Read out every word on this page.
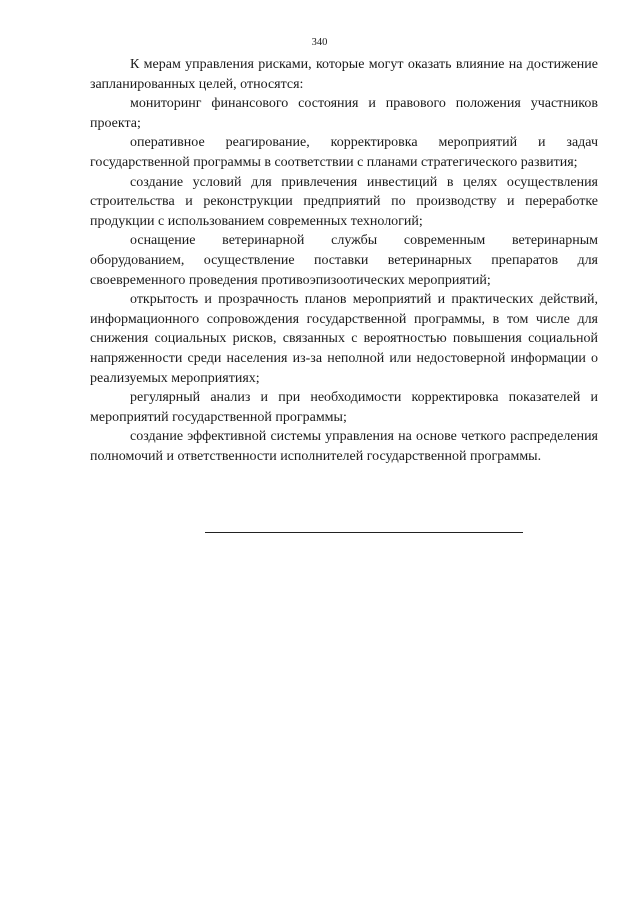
340

К мерам управления рисками, которые могут оказать влияние на достижение запланированных целей, относятся:

мониторинг финансового состояния и правового положения участников проекта;

оперативное реагирование, корректировка мероприятий и задач государственной программы в соответствии с планами стратегического развития;

создание условий для привлечения инвестиций в целях осуществления строительства и реконструкции предприятий по производству и переработке продукции с использованием современных технологий;

оснащение ветеринарной службы современным ветеринарным оборудованием, осуществление поставки ветеринарных препаратов для своевременного проведения противоэпизоотических мероприятий;

открытость и прозрачность планов мероприятий и практических действий, информационного сопровождения государственной программы, в том числе для снижения социальных рисков, связанных с вероятностью повышения социальной напряженности среди населения из-за неполной или недостоверной информации о реализуемых мероприятиях;

регулярный анализ и при необходимости корректировка показателей и мероприятий государственной программы;

создание эффективной системы управления на основе четкого распределения полномочий и ответственности исполнителей государственной программы.
